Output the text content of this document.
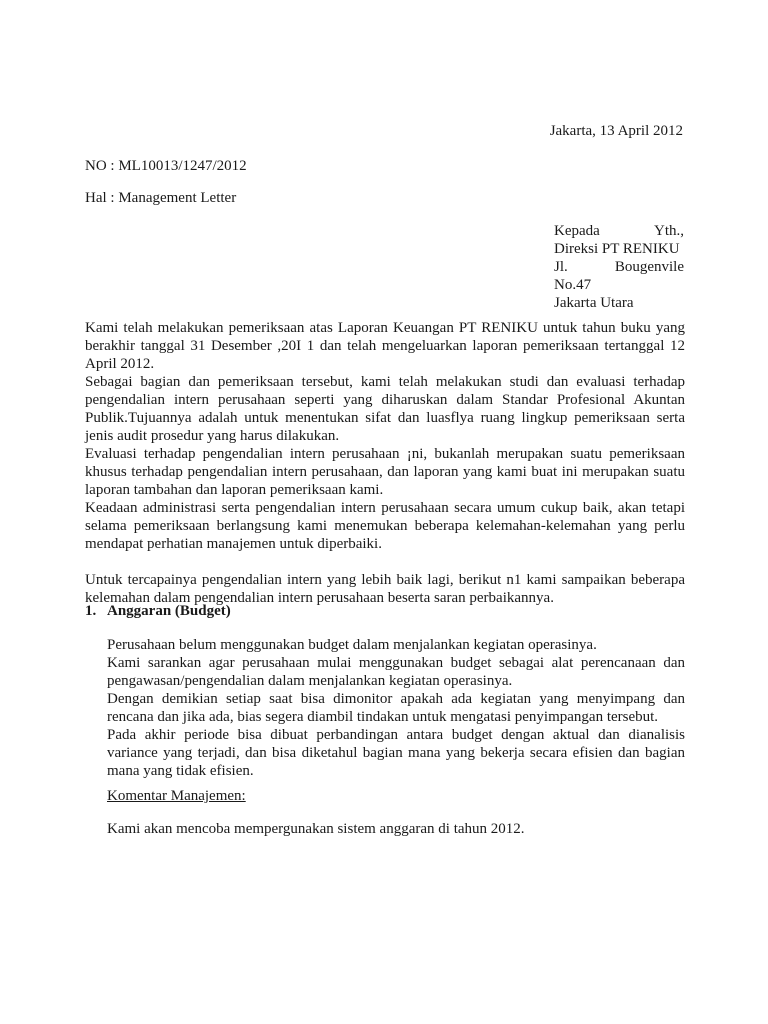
Jakarta, 13 April 2012
NO : ML10013/1247/2012
Hal : Management Letter
Kepada	Yth.,
Direksi PT RENIKU
Jl.	Bougenvile
No.47
Jakarta Utara

Kami telah melakukan pemeriksaan atas Laporan Keuangan PT RENIKU untuk tahun buku yang berakhir tanggal 31 Desember ,20I 1 dan telah mengeluarkan laporan pemeriksaan tertanggal 12 April 2012.

Sebagai bagian dan pemeriksaan tersebut, kami telah melakukan studi dan evaluasi terhadap pengendalian intern perusahaan seperti yang diharuskan dalam Standar Profesional Akuntan Publik.Tujuannya adalah untuk menentukan sifat dan luasflya ruang lingkup pemeriksaan serta jenis audit prosedur yang harus dilakukan.

Evaluasi terhadap pengendalian intern perusahaan ¡ni, bukanlah merupakan suatu pemeriksaan khusus terhadap pengendalian intern perusahaan, dan laporan yang kami buat ini merupakan suatu laporan tambahan dan laporan pemeriksaan kami.

Keadaan administrasi serta pengendalian intern perusahaan secara umum cukup baik, akan tetapi selama pemeriksaan berlangsung kami menemukan beberapa kelemahan-kelemahan yang perlu mendapat perhatian manajemen untuk diperbaiki.

Untuk tercapainya pengendalian intern yang lebih baik lagi, berikut n1 kami sampaikan beberapa kelemahan dalam pengendalian intern perusahaan beserta saran perbaikannya.

1. Anggaran (Budget)

Perusahaan belum menggunakan budget dalam menjalankan kegiatan operasinya.

Kami sarankan agar perusahaan mulai menggunakan budget sebagai alat perencanaan dan pengawasan/pengendalian dalam menjalankan kegiatan operasinya.

Dengan demikian setiap saat bisa dimonitor apakah ada kegiatan yang menyimpang dan rencana dan jika ada, bias segera diambil tindakan untuk mengatasi penyimpangan tersebut.

Pada akhir periode bisa dibuat perbandingan antara budget dengan aktual dan dianalisis variance yang terjadi, dan bisa diketahul bagian mana yang bekerja secara efisien dan bagian mana yang tidak efisien.

Komentar Manajemen:
Kami akan mencoba mempergunakan sistem anggaran di tahun 2012.
